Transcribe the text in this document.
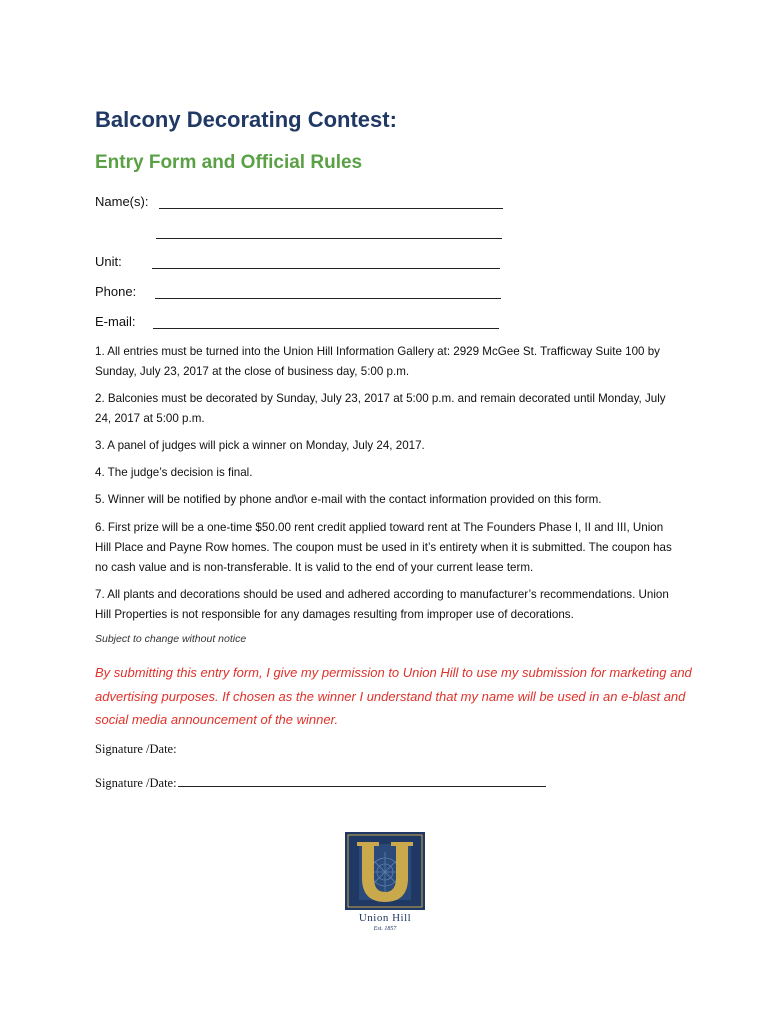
Balcony Decorating Contest:
Entry Form and Official Rules
Name(s):
Unit:
Phone:
E-mail:

1. All entries must be turned into the Union Hill Information Gallery at: 2929 McGee St. Trafficway Suite 100 by Sunday, July 23, 2017 at the close of business day, 5:00 p.m.

2. Balconies must be decorated by Sunday, July 23, 2017 at 5:00 p.m. and remain decorated until Monday, July 24, 2017 at 5:00 p.m.

3. A panel of judges will pick a winner on Monday, July 24, 2017.

4. The judge’s decision is final.

5. Winner will be notified by phone and\or e-mail with the contact information provided on this form.

6. First prize will be a one-time $50.00 rent credit applied toward rent at The Founders Phase I, II and III, Union Hill Place and Payne Row homes. The coupon must be used in it’s entirety when it is submitted. The coupon has no cash value and is non-transferable. It is valid to the end of your current lease term.

7. All plants and decorations should be used and adhered according to manufacturer’s recommendations. Union Hill Properties is not responsible for any damages resulting from improper use of decorations.

Subject to change without notice

By submitting this entry form, I give my permission to Union Hill to use my submission for marketing and advertising purposes. If chosen as the winner I understand that my name will be used in an e-blast and social media announcement of the winner.

Signature /Date:
Signature /Date:
Union Hill
Est. 1857
